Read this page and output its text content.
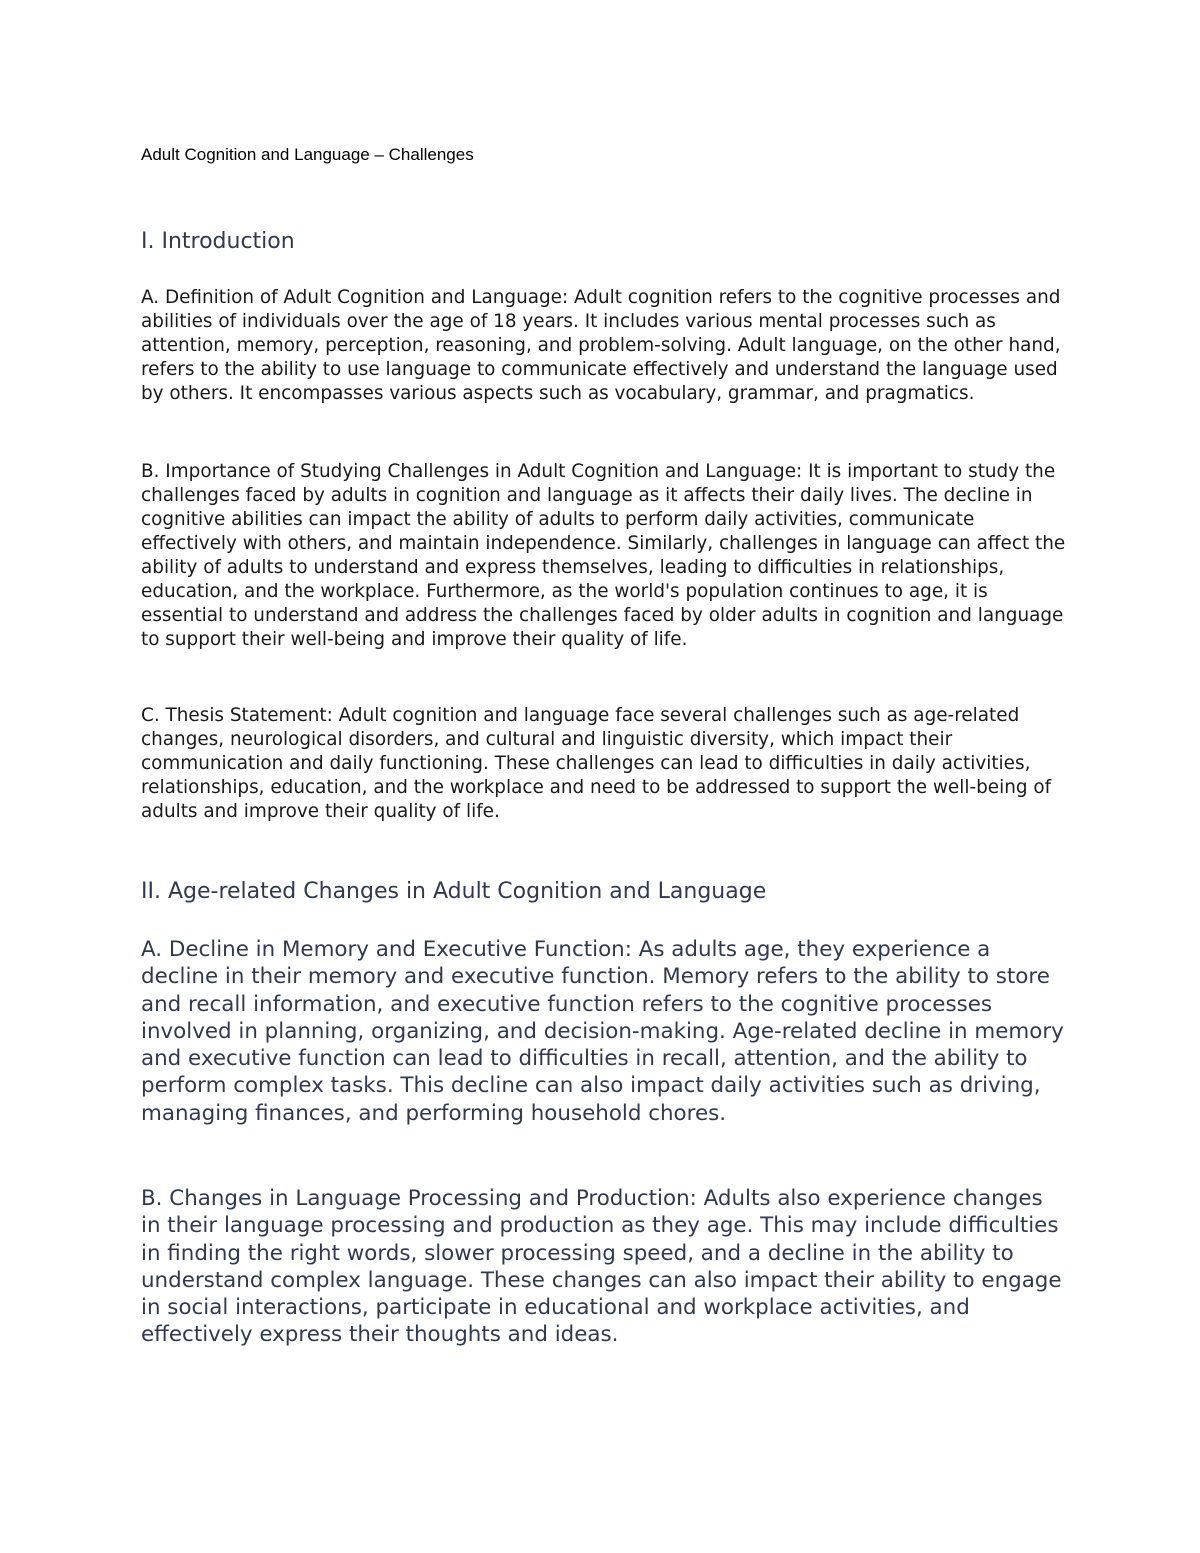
Adult Cognition and Language – Challenges

I. Introduction

A. Definition of Adult Cognition and Language: Adult cognition refers to the cognitive processes and abilities of individuals over the age of 18 years. It includes various mental processes such as attention, memory, perception, reasoning, and problem-solving. Adult language, on the other hand, refers to the ability to use language to communicate effectively and understand the language used by others. It encompasses various aspects such as vocabulary, grammar, and pragmatics.

B. Importance of Studying Challenges in Adult Cognition and Language: It is important to study the challenges faced by adults in cognition and language as it affects their daily lives. The decline in cognitive abilities can impact the ability of adults to perform daily activities, communicate effectively with others, and maintain independence. Similarly, challenges in language can affect the ability of adults to understand and express themselves, leading to difficulties in relationships, education, and the workplace. Furthermore, as the world's population continues to age, it is essential to understand and address the challenges faced by older adults in cognition and language to support their well-being and improve their quality of life.

C. Thesis Statement: Adult cognition and language face several challenges such as age-related changes, neurological disorders, and cultural and linguistic diversity, which impact their communication and daily functioning. These challenges can lead to difficulties in daily activities, relationships, education, and the workplace and need to be addressed to support the well-being of adults and improve their quality of life.

II. Age-related Changes in Adult Cognition and Language

A. Decline in Memory and Executive Function: As adults age, they experience a decline in their memory and executive function. Memory refers to the ability to store and recall information, and executive function refers to the cognitive processes involved in planning, organizing, and decision-making. Age-related decline in memory and executive function can lead to difficulties in recall, attention, and the ability to perform complex tasks. This decline can also impact daily activities such as driving, managing finances, and performing household chores.

B. Changes in Language Processing and Production: Adults also experience changes in their language processing and production as they age. This may include difficulties in finding the right words, slower processing speed, and a decline in the ability to understand complex language. These changes can also impact their ability to engage in social interactions, participate in educational and workplace activities, and effectively express their thoughts and ideas.
